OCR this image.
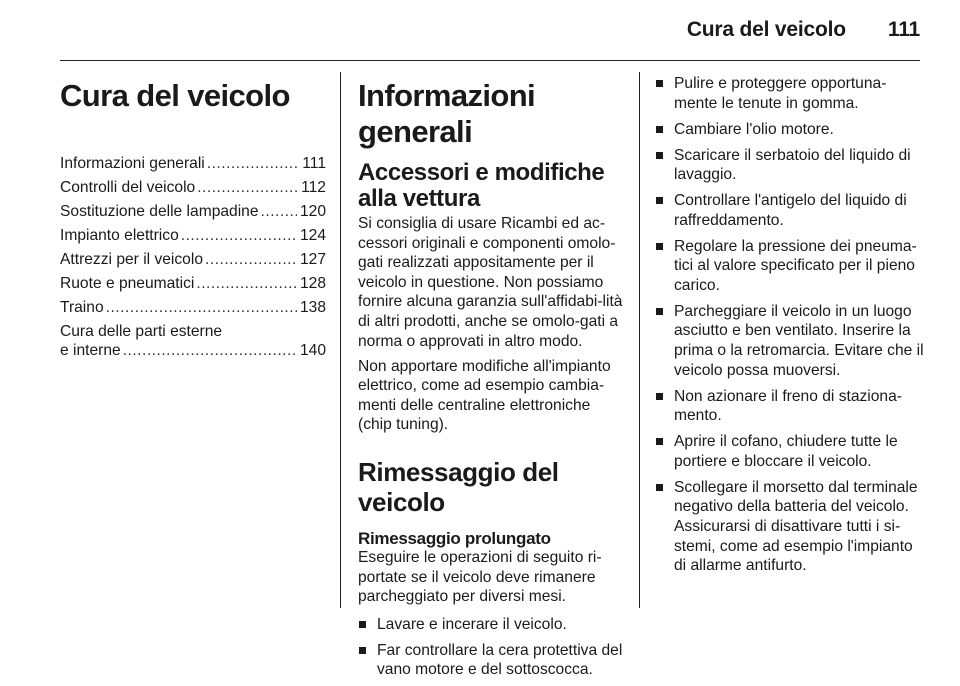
Cura del veicolo 111
Cura del veicolo
Informazioni generali .....	111
Controlli del veicolo .....	112
Sostituzione delle lampadine .....	120
Impianto elettrico .....	124
Attrezzi per il veicolo .....	127
Ruote e pneumatici .....	128
Traino .....	138
Cura delle parti esterne
e interne .....	140
Informazioni generali
Accessori e modifiche alla vettura

Si consiglia di usare Ricambi ed ac-cessori originali e componenti omolo-gati realizzati appositamente per il veicolo in questione. Non possiamo fornire alcuna garanzia sull'affidabi-lità di altri prodotti, anche se omolo-gati a norma o approvati in altro modo.

Non apportare modifiche all'impianto elettrico, come ad esempio cambia-menti delle centraline elettroniche (chip tuning).

Rimessaggio del veicolo
Rimessaggio prolungato

Eseguire le operazioni di seguito ri-portate se il veicolo deve rimanere parcheggiato per diversi mesi.

Lavare e incerare il veicolo.
Far controllare la cera protettiva del vano motore e del sottoscocca.
Pulire e proteggere opportuna-mente le tenute in gomma.
Cambiare l'olio motore.
Scaricare il serbatoio del liquido di lavaggio.
Controllare l'antigelo del liquido di raffreddamento.
Regolare la pressione dei pneuma-tici al valore specificato per il pieno carico.
Parcheggiare il veicolo in un luogo asciutto e ben ventilato. Inserire la prima o la retromarcia. Evitare che il veicolo possa muoversi.
Non azionare il freno di staziona-mento.
Aprire il cofano, chiudere tutte le portiere e bloccare il veicolo.
Scollegare il morsetto dal terminale negativo della batteria del veicolo. Assicurarsi di disattivare tutti i si-stemi, come ad esempio l'impianto di allarme antifurto.
